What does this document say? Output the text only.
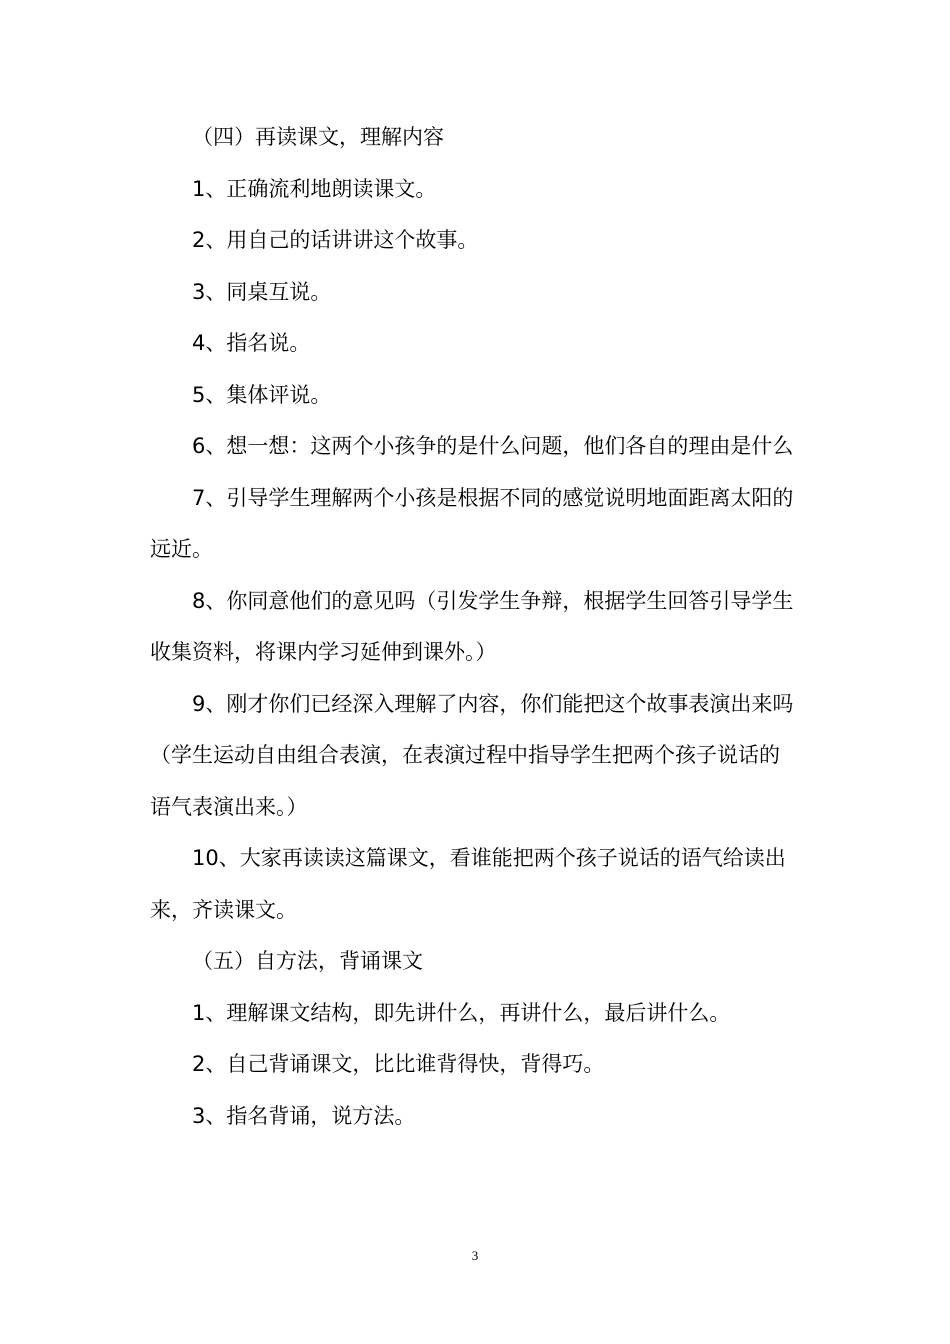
（四）再读课文，理解内容

1、正确流利地朗读课文。

2、用自己的话讲讲这个故事。

3、同桌互说。

4、指名说。

5、集体评说。

6、想一想：这两个小孩争的是什么问题，他们各自的理由是什么

7、引导学生理解两个小孩是根据不同的感觉说明地面距离太阳的远近。

8、你同意他们的意见吗（引发学生争辩，根据学生回答引导学生收集资料，将课内学习延伸到课外。）

9、刚才你们已经深入理解了内容，你们能把这个故事表演出来吗（学生运动自由组合表演，在表演过程中指导学生把两个孩子说话的语气表演出来。）

10、大家再读读这篇课文，看谁能把两个孩子说话的语气给读出来，齐读课文。

（五）自方法，背诵课文

1、理解课文结构，即先讲什么，再讲什么，最后讲什么。

2、自己背诵课文，比比谁背得快，背得巧。

3、指名背诵，说方法。

3
